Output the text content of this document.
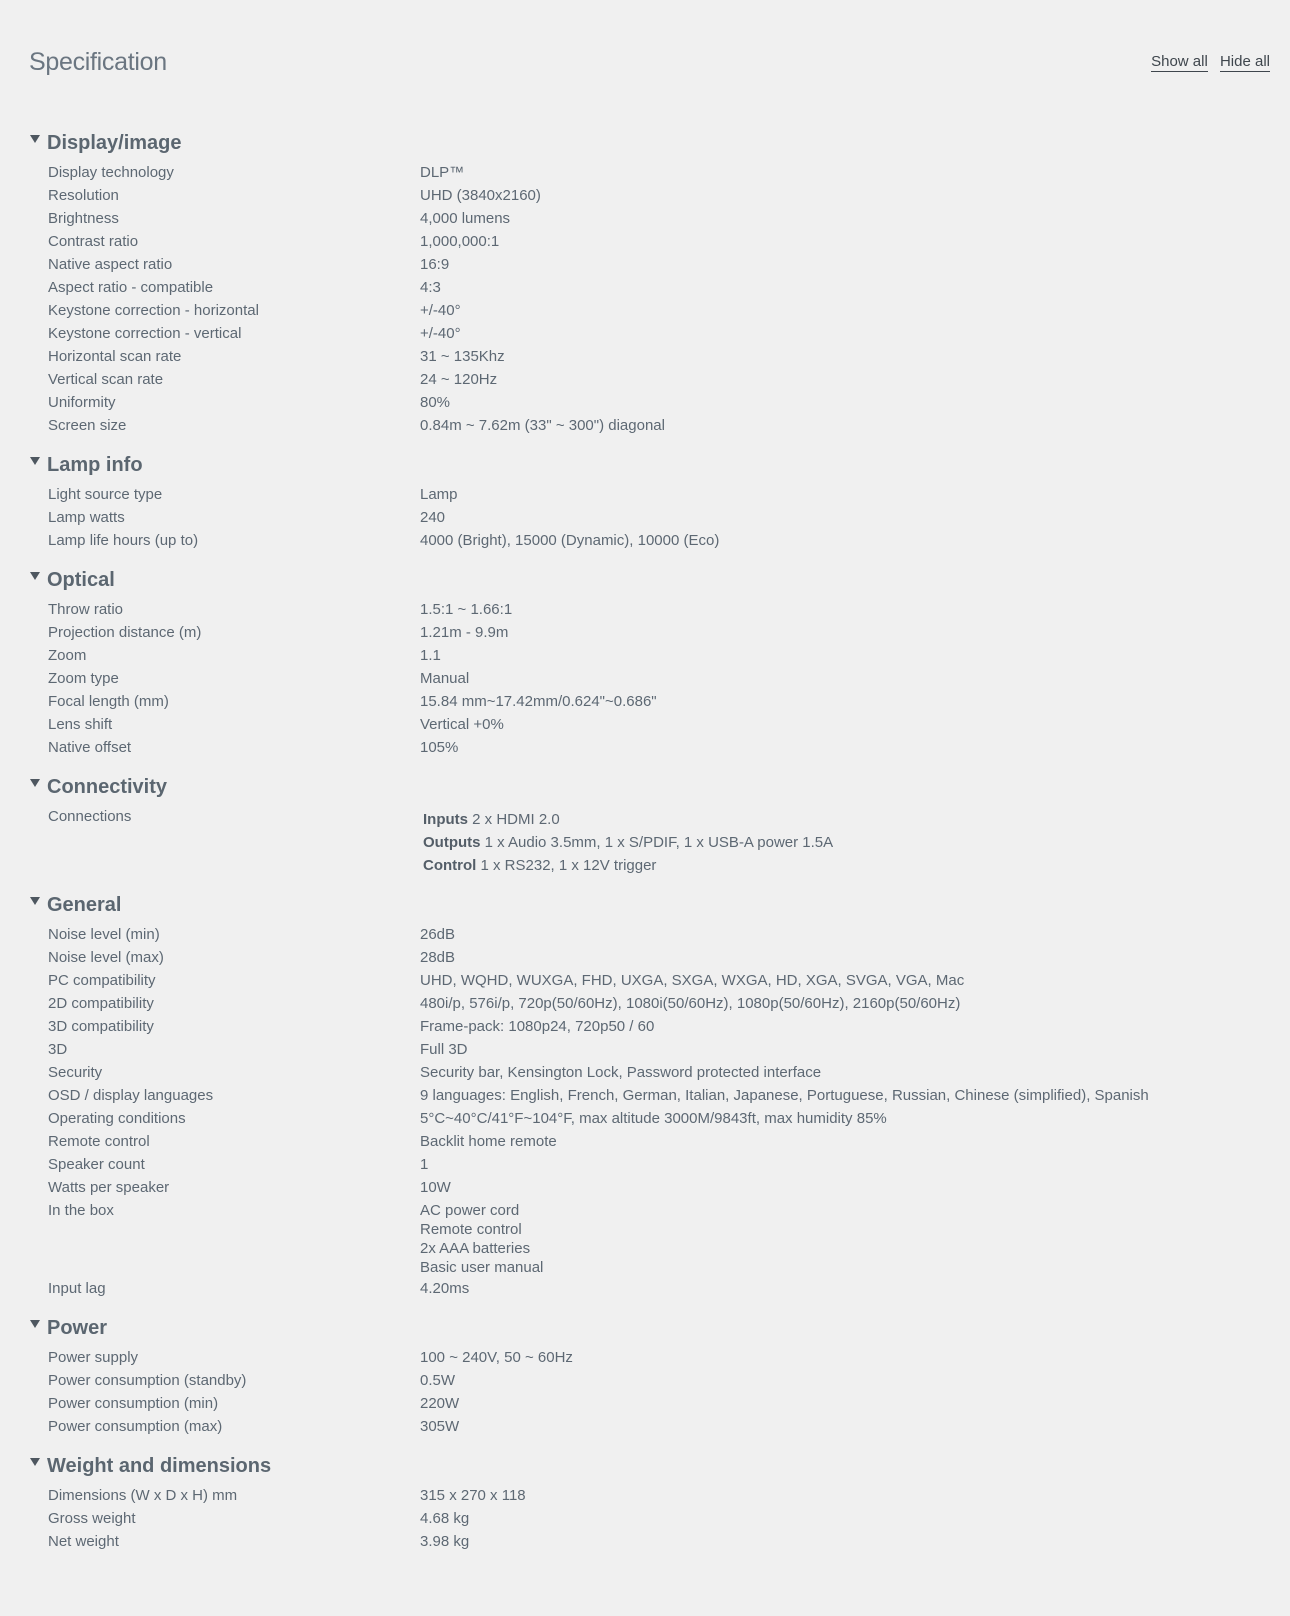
Specification	Show all Hide all
Display/image
Display technology	DLP™
Resolution	UHD (3840x2160)
Brightness	4,000 lumens
Contrast ratio	1,000,000:1
Native aspect ratio	16:9
Aspect ratio - compatible	4:3
Keystone correction - horizontal	+/-40°
Keystone correction - vertical	+/-40°
Horizontal scan rate	31 ~ 135Khz
Vertical scan rate	24 ~ 120Hz
Uniformity	80%
Screen size	0.84m ~ 7.62m (33" ~ 300") diagonal
Lamp info
Light source type	Lamp
Lamp watts	240
Lamp life hours (up to)	4000 (Bright), 15000 (Dynamic), 10000 (Eco)
Optical
Throw ratio	1.5:1 ~ 1.66:1
Projection distance (m)	1.21m - 9.9m
Zoom	1.1
Zoom type	Manual
Focal length (mm)	15.84 mm~17.42mm/0.624"~0.686"
Lens shift	Vertical +0%
Native offset	105%
Connectivity
Connections	Inputs 2 x HDMI 2.0
Outputs 1 x Audio 3.5mm, 1 x S/PDIF, 1 x USB-A power 1.5A
Control 1 x RS232, 1 x 12V trigger
General
Noise level (min)	26dB
Noise level (max)	28dB
PC compatibility	UHD, WQHD, WUXGA, FHD, UXGA, SXGA, WXGA, HD, XGA, SVGA, VGA, Mac
2D compatibility	480i/p, 576i/p, 720p(50/60Hz), 1080i(50/60Hz), 1080p(50/60Hz), 2160p(50/60Hz)
3D compatibility	Frame-pack: 1080p24, 720p50 / 60
3D	Full 3D
Security	Security bar, Kensington Lock, Password protected interface
OSD / display languages	9 languages: English, French, German, Italian, Japanese, Portuguese, Russian, Chinese (simplified), Spanish
Operating conditions	5°C~40°C/41°F~104°F, max altitude 3000M/9843ft, max humidity 85%
Remote control	Backlit home remote
Speaker count	1
Watts per speaker	10W
In the box	AC power cord
Remote control
2x AAA batteries
Basic user manual
Input lag	4.20ms
Power
Power supply	100 ~ 240V, 50 ~ 60Hz
Power consumption (standby)	0.5W
Power consumption (min)	220W
Power consumption (max)	305W
Weight and dimensions
Dimensions (W x D x H) mm	315 x 270 x 118
Gross weight	4.68 kg
Net weight	3.98 kg
